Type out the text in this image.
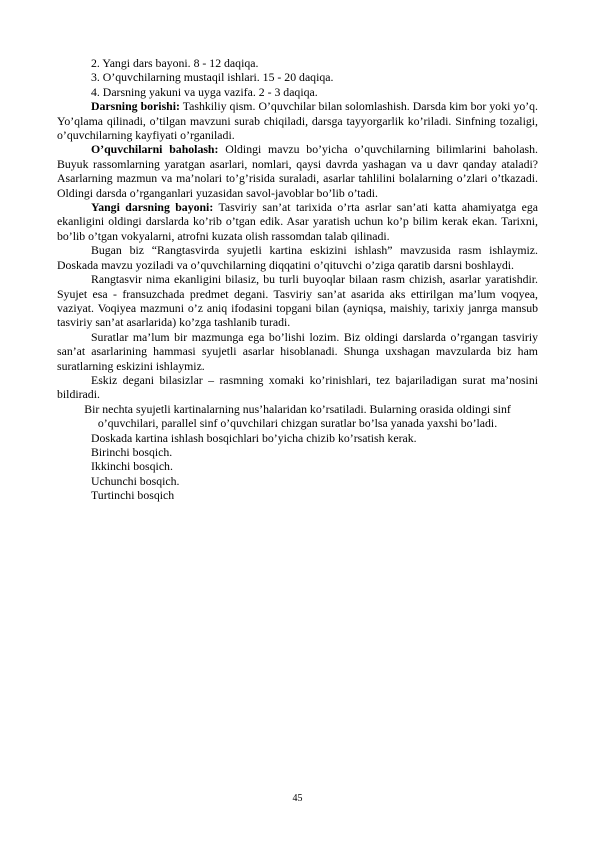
2. Yangi dars bayoni. 8 - 12 daqiqa.

3. O’quvchilarning mustaqil ishlari. 15 - 20 daqiqa.

4. Darsning yakuni va uyga vazifa. 2 - 3 daqiqa.

Darsning borishi: Tashkiliy qism. O’quvchilar bilan solomlashish. Darsda kim bor yoki yo’q. Yo’qlama qilinadi, o’tilgan mavzuni surab chiqiladi, darsga tayyorgarlik ko’riladi. Sinfning tozaligi, o’quvchilarning kayfiyati o’rganiladi.

O’quvchilarni baholash: Oldingi mavzu bo’yicha o’quvchilarning bilimlarini baholash. Buyuk rassomlarning yaratgan asarlari, nomlari, qaysi davrda yashagan va u davr qanday ataladi? Asarlarning mazmun va ma’nolari to’g’risida suraladi, asarlar tahlilini bolalarning o’zlari o’tkazadi. Oldingi darsda o’rganganlari yuzasidan savol-javoblar bo’lib o’tadi.

Yangi darsning bayoni: Tasviriy san’at tarixida o’rta asrlar san’ati katta ahamiyatga ega ekanligini oldingi darslarda ko’rib o’tgan edik. Asar yaratish uchun ko’p bilim kerak ekan. Tarixni, bo’lib o’tgan vokyalarni, atrofni kuzata olish rassomdan talab qilinadi.

Bugan biz “Rangtasvirda syujetli kartina eskizini ishlash” mavzusida rasm ishlaymiz. Doskada mavzu yoziladi va o’quvchilarning diqqatini o’qituvchi o’ziga qaratib darsni boshlaydi.

Rangtasvir nima ekanligini bilasiz, bu turli buyoqlar bilaan rasm chizish, asarlar yaratishdir. Syujet esa - fransuzchada predmet degani. Tasviriy san’at asarida aks ettirilgan ma’lum voqyea, vaziyat. Voqiyea mazmuni o’z aniq ifodasini topgani bilan (ayniqsa, maishiy, tarixiy janrga mansub tasviriy san’at asarlarida) ko’zga tashlanib turadi.

Suratlar ma’lum bir mazmunga ega bo’lishi lozim. Biz oldingi darslarda o’rgangan tasviriy san’at asarlarining hammasi syujetli asarlar hisoblanadi. Shunga uxshagan mavzularda biz ham suratlarning eskizini ishlaymiz.

Eskiz degani bilasizlar – rasmning xomaki ko’rinishlari, tez bajariladigan surat ma’nosini bildiradi.

Bir nechta syujetli kartinalarning nus’halaridan ko’rsatiladi. Bularning orasida oldingi sinf o’quvchilari, parallel sinf o’quvchilari chizgan suratlar bo’lsa yanada yaxshi bo’ladi.

Doskada kartina ishlash bosqichlari bo’yicha chizib ko’rsatish kerak.

Birinchi bosqich.

Ikkinchi bosqich.

Uchunchi bosqich.

Turtinchi bosqich

45
